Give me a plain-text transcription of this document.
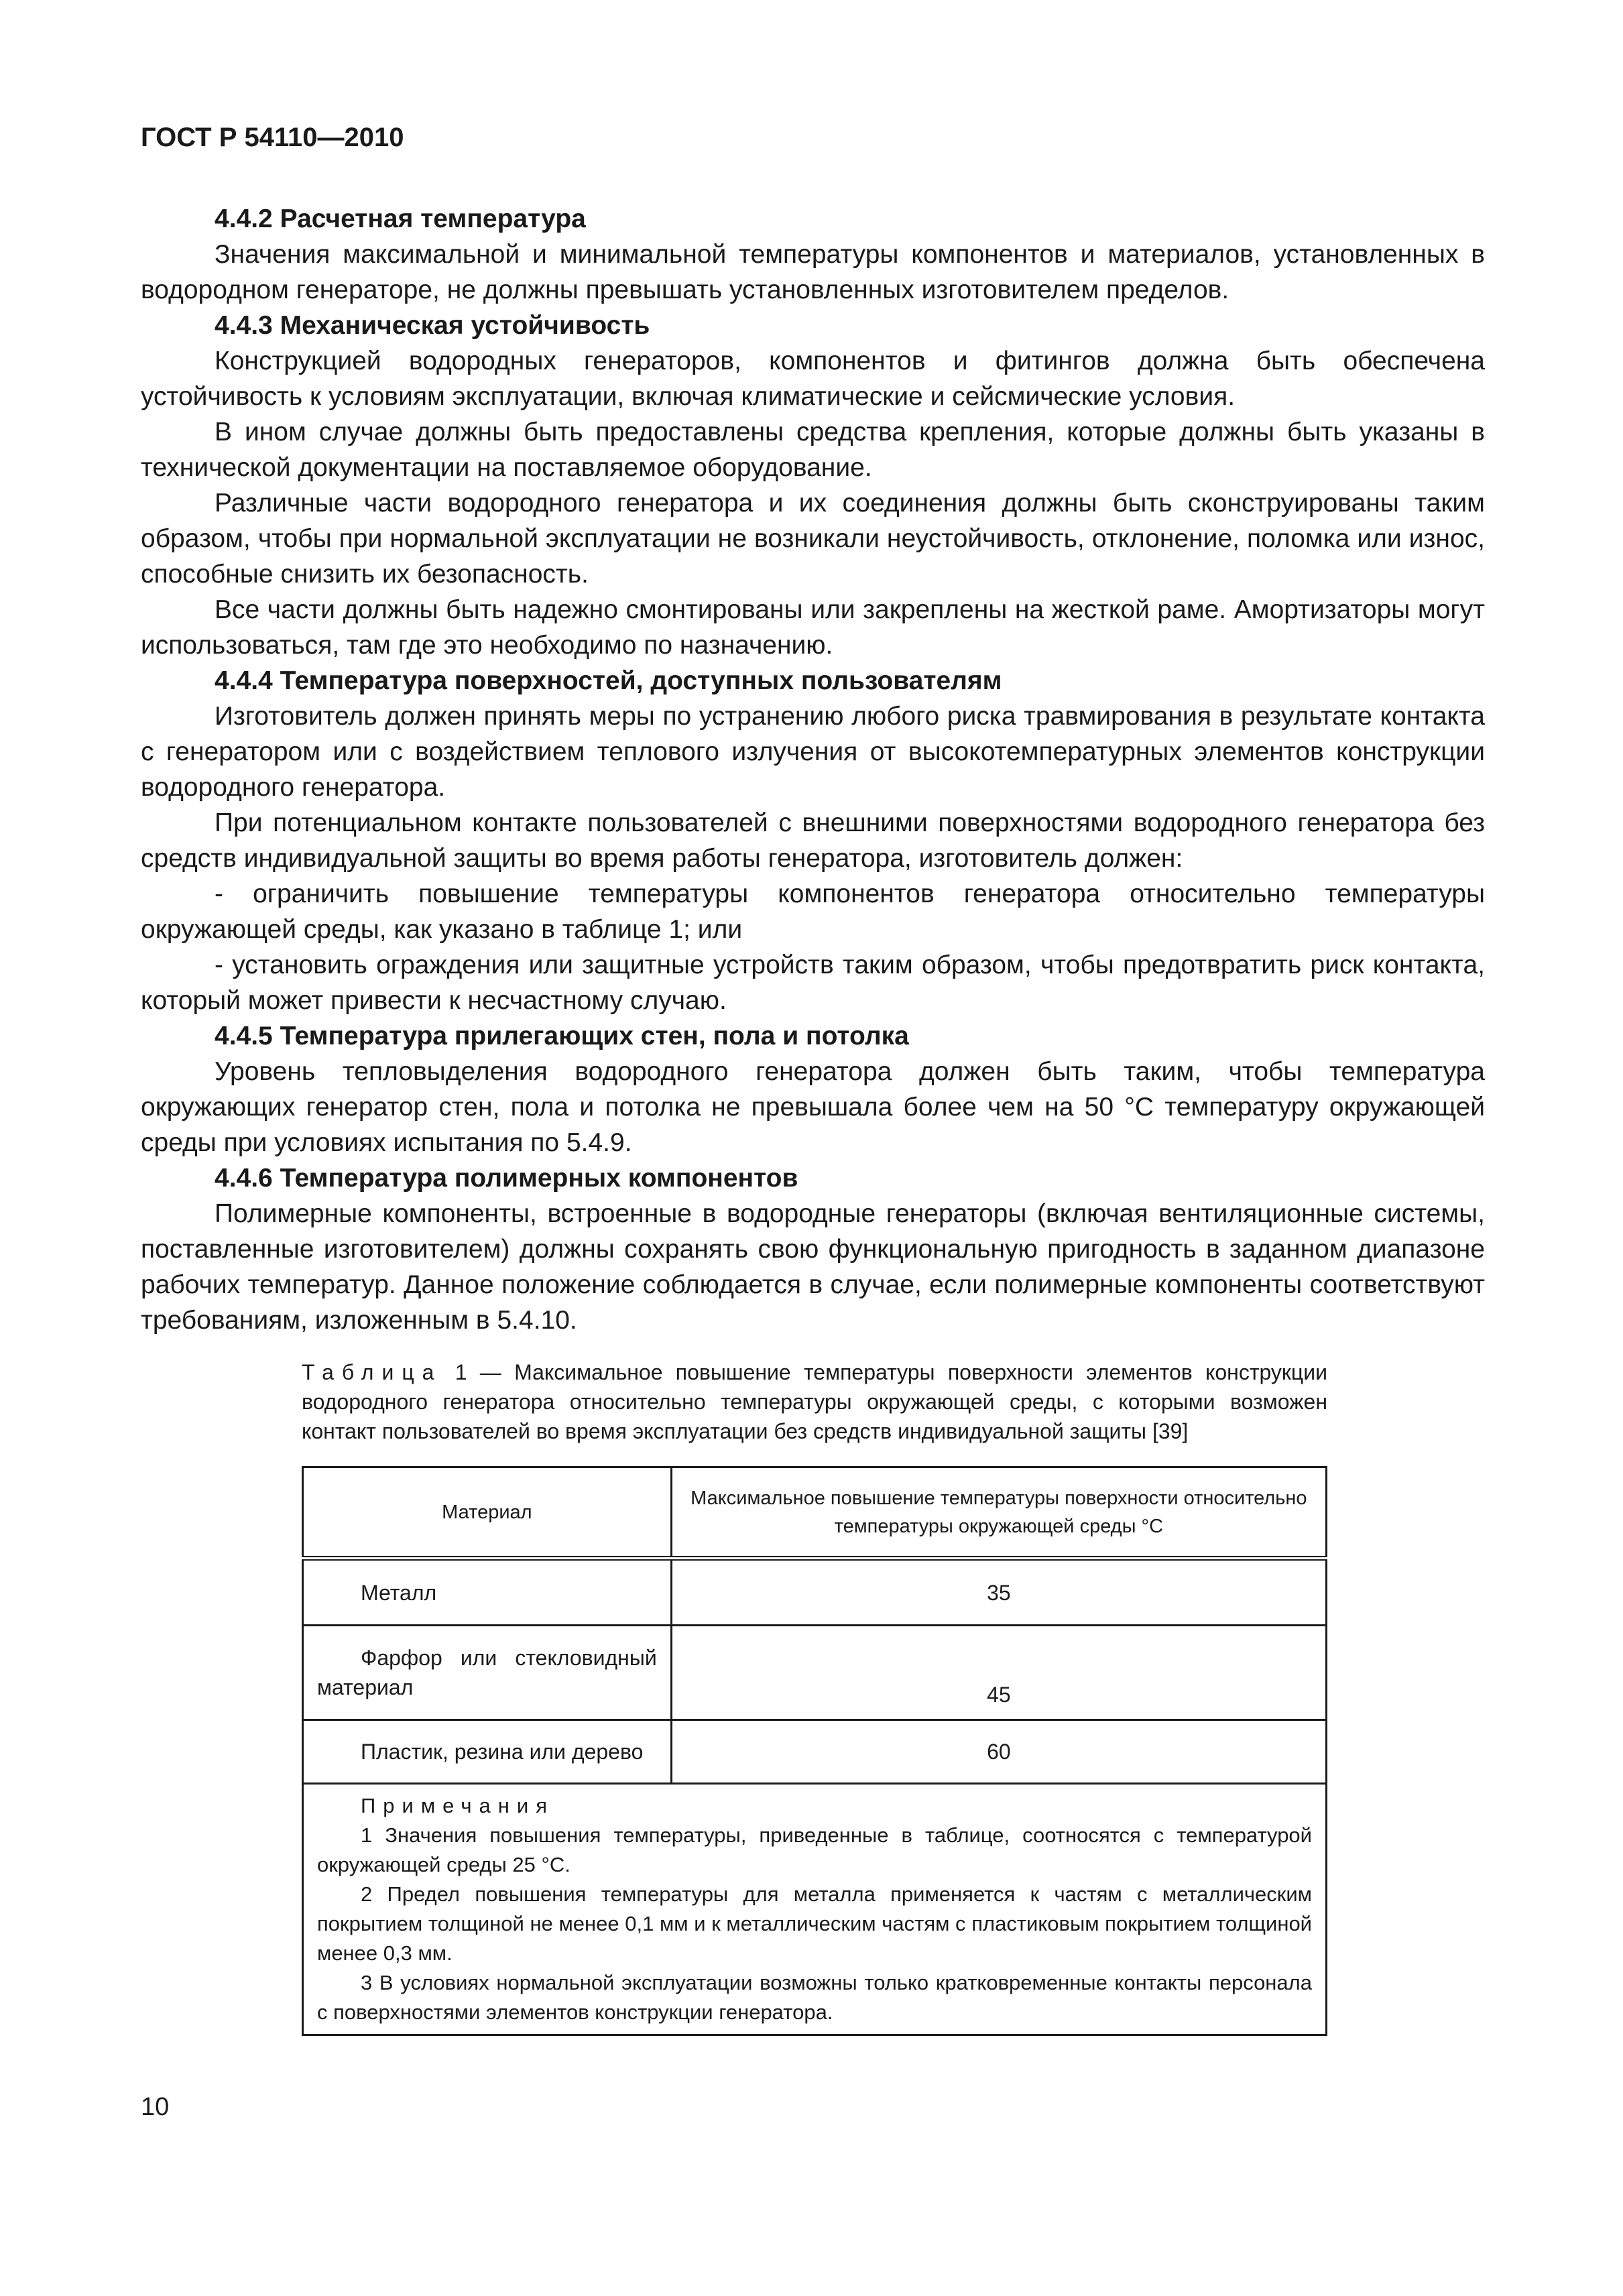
ГОСТ Р 54110—2010
4.4.2 Расчетная температура

Значения максимальной и минимальной температуры компонентов и материалов, установленных в водородном генераторе, не должны превышать установленных изготовителем пределов.

4.4.3 Механическая устойчивость

Конструкцией водородных генераторов, компонентов и фитингов должна быть обеспечена устойчивость к условиям эксплуатации, включая климатические и сейсмические условия.

В ином случае должны быть предоставлены средства крепления, которые должны быть указаны в технической документации на поставляемое оборудование.

Различные части водородного генератора и их соединения должны быть сконструированы таким образом, чтобы при нормальной эксплуатации не возникали неустойчивость, отклонение, поломка или износ, способные снизить их безопасность.

Все части должны быть надежно смонтированы или закреплены на жесткой раме. Амортизаторы могут использоваться, там где это необходимо по назначению.

4.4.4 Температура поверхностей, доступных пользователям

Изготовитель должен принять меры по устранению любого риска травмирования в результате контакта с генератором или с воздействием теплового излучения от высокотемпературных элементов конструкции водородного генератора.

При потенциальном контакте пользователей с внешними поверхностями водородного генератора без средств индивидуальной защиты во время работы генератора, изготовитель должен:

- ограничить повышение температуры компонентов генератора относительно температуры окружающей среды, как указано в таблице 1; или

- установить ограждения или защитные устройств таким образом, чтобы предотвратить риск контакта, который может привести к несчастному случаю.

4.4.5 Температура прилегающих стен, пола и потолка

Уровень тепловыделения водородного генератора должен быть таким, чтобы температура окружающих генератор стен, пола и потолка не превышала более чем на 50 °С температуру окружающей среды при условиях испытания по 5.4.9.

4.4.6 Температура полимерных компонентов

Полимерные компоненты, встроенные в водородные генераторы (включая вентиляционные системы, поставленные изготовителем) должны сохранять свою функциональную пригодность в заданном диапазоне рабочих температур. Данное положение соблюдается в случае, если полимерные компоненты соответствуют требованиям, изложенным в 5.4.10.

Таблица 1 — Максимальное повышение температуры поверхности элементов конструкции водородного генератора относительно температуры окружающей среды, с которыми возможен контакт пользователей во время эксплуатации без средств индивидуальной защиты [39]

Материал	Максимальное повышение температуры поверхности относительно температуры окружающей среды °С

Металл	35

Фарфор или стекловидный материал	45

Пластик, резина или дерево	60

Примечания
1 Значения повышения температуры, приведенные в таблице, соотносятся с температурой окружающей среды 25 °С.
2 Предел повышения температуры для металла применяется к частям с металлическим покрытием толщиной не менее 0,1 мм и к металлическим частям с пластиковым покрытием толщиной менее 0,3 мм.
3 В условиях нормальной эксплуатации возможны только кратковременные контакты персонала с поверхностями элементов конструкции генератора.	
10
